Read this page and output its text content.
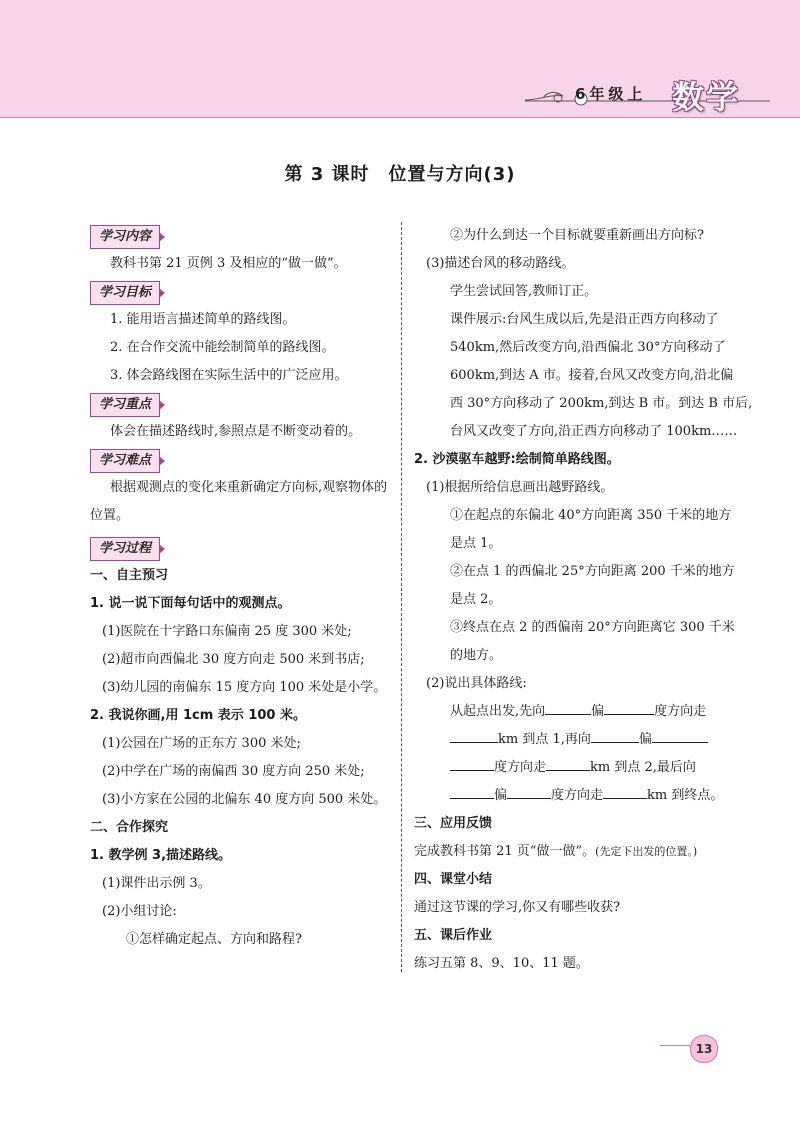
6年级上 数学
第 3 课时　位置与方向(3)
学习内容
教科书第 21 页例 3 及相应的“做一做”。
学习目标
1. 能用语言描述简单的路线图。
2. 在合作交流中能绘制简单的路线图。
3. 体会路线图在实际生活中的广泛应用。
学习重点
体会在描述路线时,参照点是不断变动着的。
学习难点
根据观测点的变化来重新确定方向标,观察物体的
位置。
学习过程
一、自主预习
1. 说一说下面每句话中的观测点。
(1)医院在十字路口东偏南 25 度 300 米处;
(2)超市向西偏北 30 度方向走 500 米到书店;
(3)幼儿园的南偏东 15 度方向 100 米处是小学。
2. 我说你画,用 1cm 表示 100 米。
(1)公园在广场的正东方 300 米处;
(2)中学在广场的南偏西 30 度方向 250 米处;
(3)小方家在公园的北偏东 40 度方向 500 米处。
二、合作探究
1. 教学例 3,描述路线。
(1)课件出示例 3。
(2)小组讨论:
①怎样确定起点、方向和路程?
②为什么到达一个目标就要重新画出方向标?
(3)描述台风的移动路线。
学生尝试回答,教师订正。
课件展示:台风生成以后,先是沿正西方向移动了
540km,然后改变方向,沿西偏北 30°方向移动了
600km,到达 A 市。接着,台风又改变方向,沿北偏
西 30°方向移动了 200km,到达 B 市。到达 B 市后,
台风又改变了方向,沿正西方向移动了 100km……
2. 沙漠驱车越野:绘制简单路线图。
(1)根据所给信息画出越野路线。
①在起点的东偏北 40°方向距离 350 千米的地方
是点 1。
②在点 1 的西偏北 25°方向距离 200 千米的地方
是点 2。
③终点在点 2 的西偏南 20°方向距离它 300 千米
的地方。
(2)说出具体路线:
从起点出发,先向	偏	度方向走
km 到点 1,再向	偏
度方向走	km 到点 2,最后向
偏	度方向走	km 到终点。
三、应用反馈
完成教科书第 21 页“做一做”。(先定下出发的位置。)
四、课堂小结
通过这节课的学习,你又有哪些收获?
五、课后作业
练习五第 8、9、10、11 题。
13
